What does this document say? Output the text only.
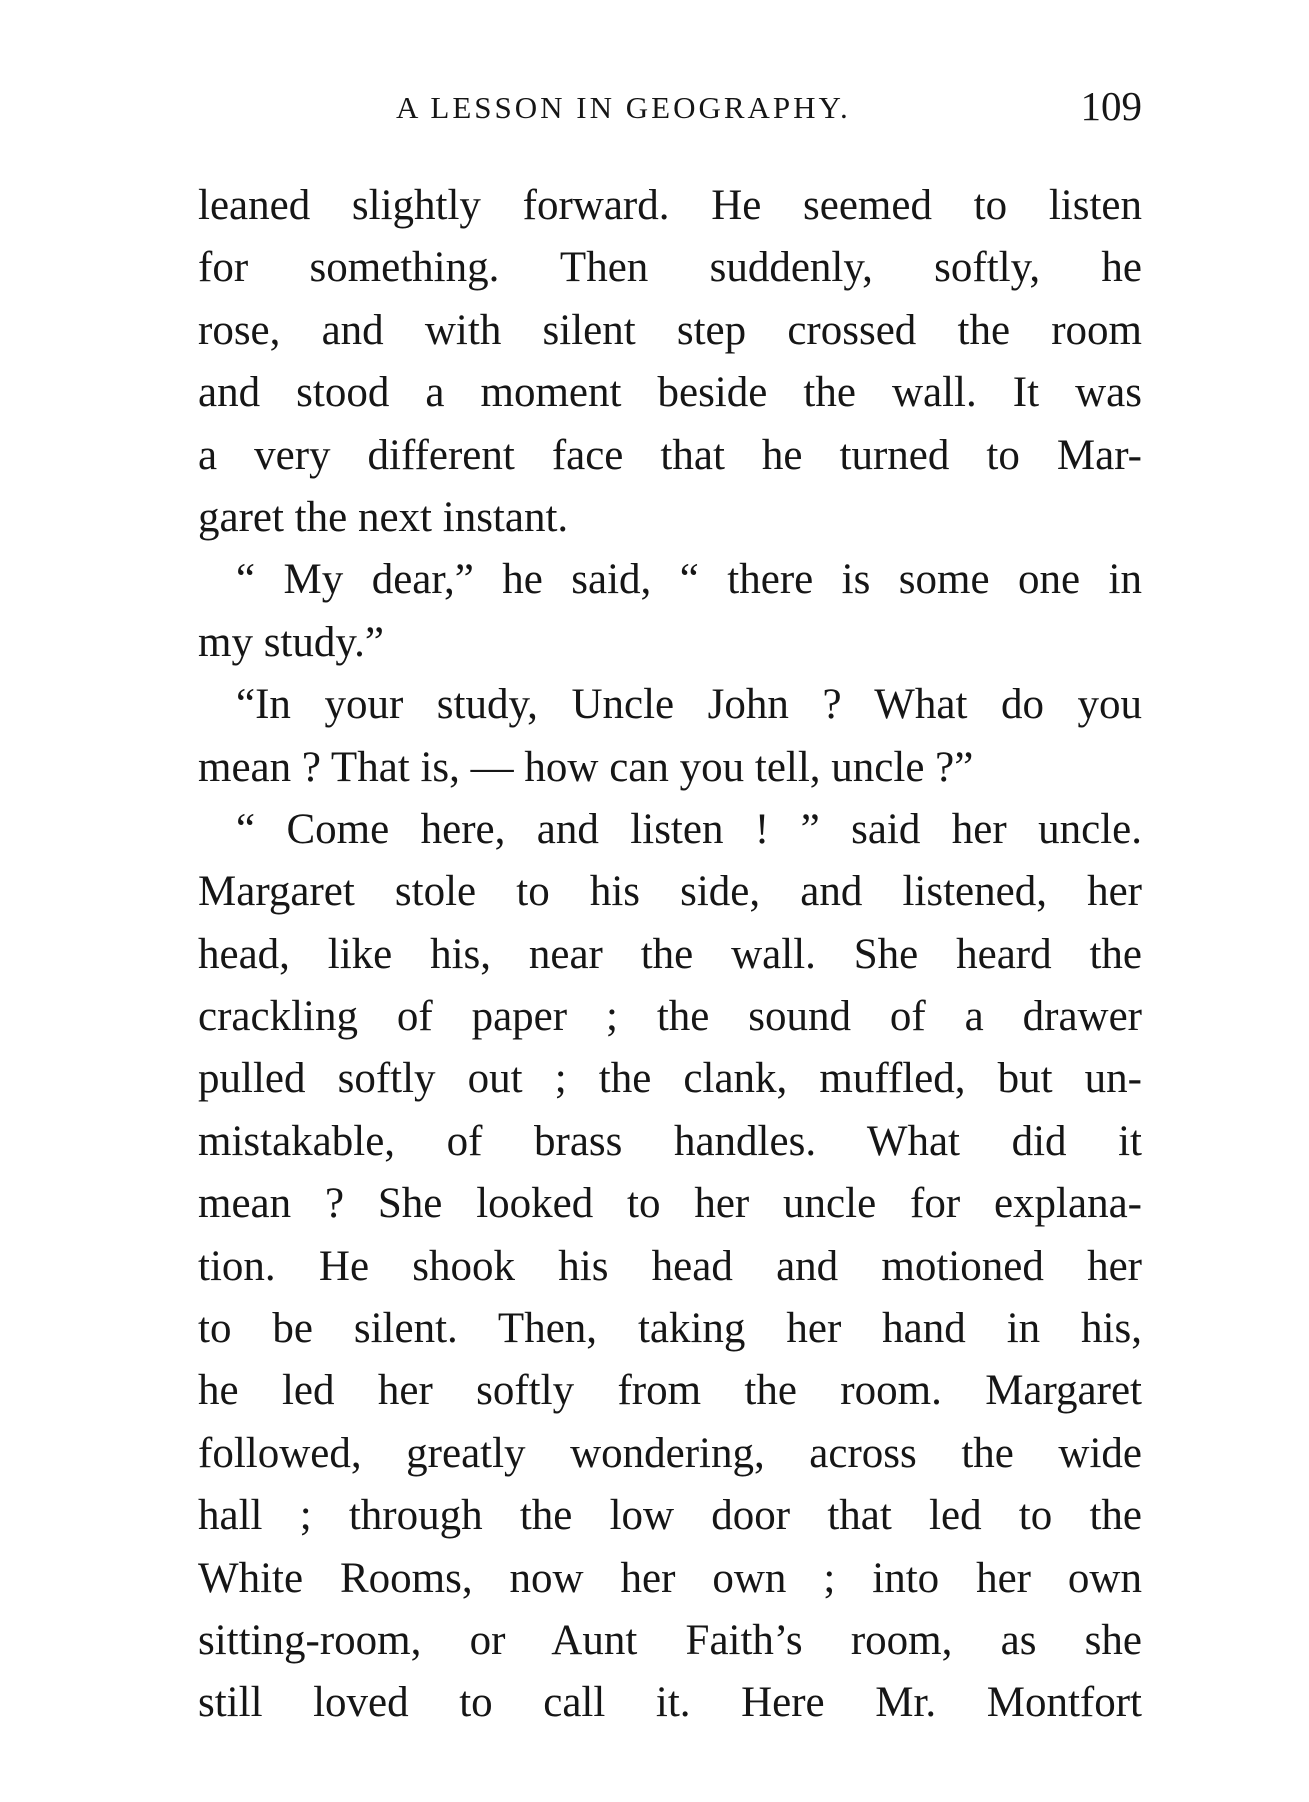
A LESSON IN GEOGRAPHY.	109
leaned slightly forward. He seemed to listen
for something. Then suddenly, softly, he
rose, and with silent step crossed the room
and stood a moment beside the wall. It was
a very different face that he turned to Mar-
garet the next instant.
“ My dear,” he said, “ there is some one in
my study.”
“In your study, Uncle John ? What do you
mean ? That is, — how can you tell, uncle ?”
“ Come here, and listen ! ” said her uncle.
Margaret stole to his side, and listened, her
head, like his, near the wall. She heard the
crackling of paper ; the sound of a drawer
pulled softly out ; the clank, muffled, but un-
mistakable, of brass handles. What did it
mean ? She looked to her uncle for explana-
tion. He shook his head and motioned her
to be silent. Then, taking her hand in his,
he led her softly from the room. Margaret
followed, greatly wondering, across the wide
hall ; through the low door that led to the
White Rooms, now her own ; into her own
sitting-room, or Aunt Faith’s room, as she
still loved to call it. Here Mr. Montfort
